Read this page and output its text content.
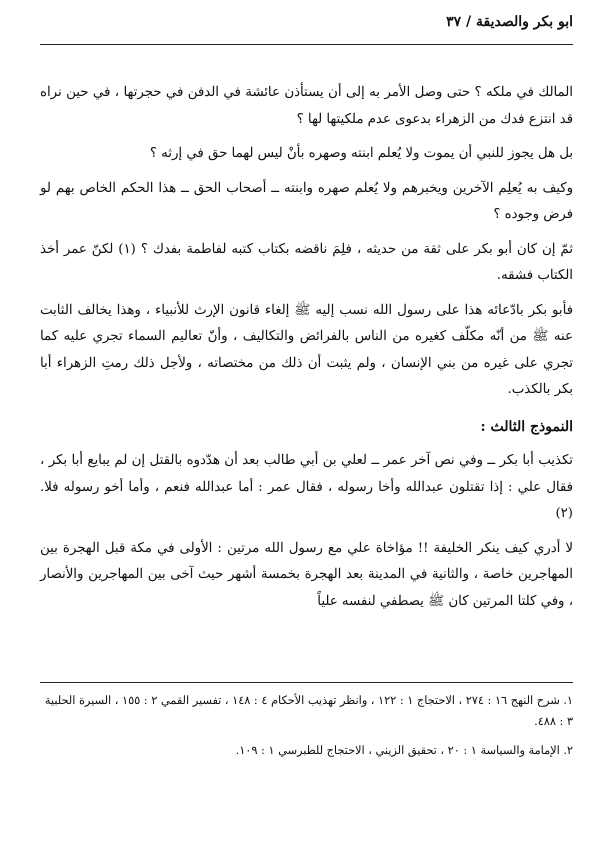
ابو بكر والصديقة / ٣٧

المالك في ملكه ؟ حتى وصل الأمر به إلى أن يستأذن عائشة في الدفن في حجرتها ، في حين نراه قد انتزع فدك من الزهراء بدعوى عدم ملكيتها لها ؟

بل هل يجوز للنبي أن يموت ولا يُعلم ابنته وصهره بأنْ ليس لهما حق في إرثه ؟

وكيف به يُعلِم الآخرين ويخبرهم ولا يُعلم صهره وابنته ــ أصحاب الحق ــ هذا الحكم الخاص بهم لو فرض وجوده ؟

ثمّ إن كان أبو بكر على ثقة من حديثه ، فلِمَ ناقضه بكتاب كتبه لفاطمة بفدك ؟ (١) لكنّ عمر أخذ الكتاب فشقه.

فأبو بكر بادّعائه هذا على رسول الله نسب إليه ﷺ إلغاء قانون الإرث للأنبياء ، وهذا يخالف الثابت عنه ﷺ من أنّه مكلّف كغيره من الناس بالفرائض والتكاليف ، وأنّ تعاليم السماء تجري عليه كما تجري على غيره من بني الإنسان ، ولم يثبت أن ذلك من مختصاته ، ولأجل ذلك رمتِ الزهراء أبا بكر بالكذب.

النموذج الثالث :

تكذيب أبا بكر ــ وفي نص آخر عمر ــ لعلي بن أبي طالب بعد أن هدّدوه بالقتل إن لم يبايع أبا بكر ، فقال علي : إذا تقتلون عبدالله وأخا رسوله ، فقال عمر : أما عبدالله فنعم ، وأما أخو رسوله فلا. (٢)

لا أدري كيف ينكر الخليفة !! مؤاخاة علي مع رسول الله مرتين : الأولى في مكة قبل الهجرة بين المهاجرين خاصة ، والثانية في المدينة بعد الهجرة بخمسة أشهر حيث آخى بين المهاجرين والأنصار ، وفي كلتا المرتين كان ﷺ يصطفي لنفسه علياً

١. شرح النهج ١٦ : ٢٧٤ ، الاحتجاج ١ : ١٢٢ ، وانظر تهذيب الأحكام ٤ : ١٤٨ ، تفسير القمي ٢ : ١٥٥ ، السيرة الحلبية ٣ : ٤٨٨.

٢. الإمامة والسياسة ١ : ٢٠ ، تحقيق الزيني ، الاحتجاج للطبرسي ١ : ١٠٩.
